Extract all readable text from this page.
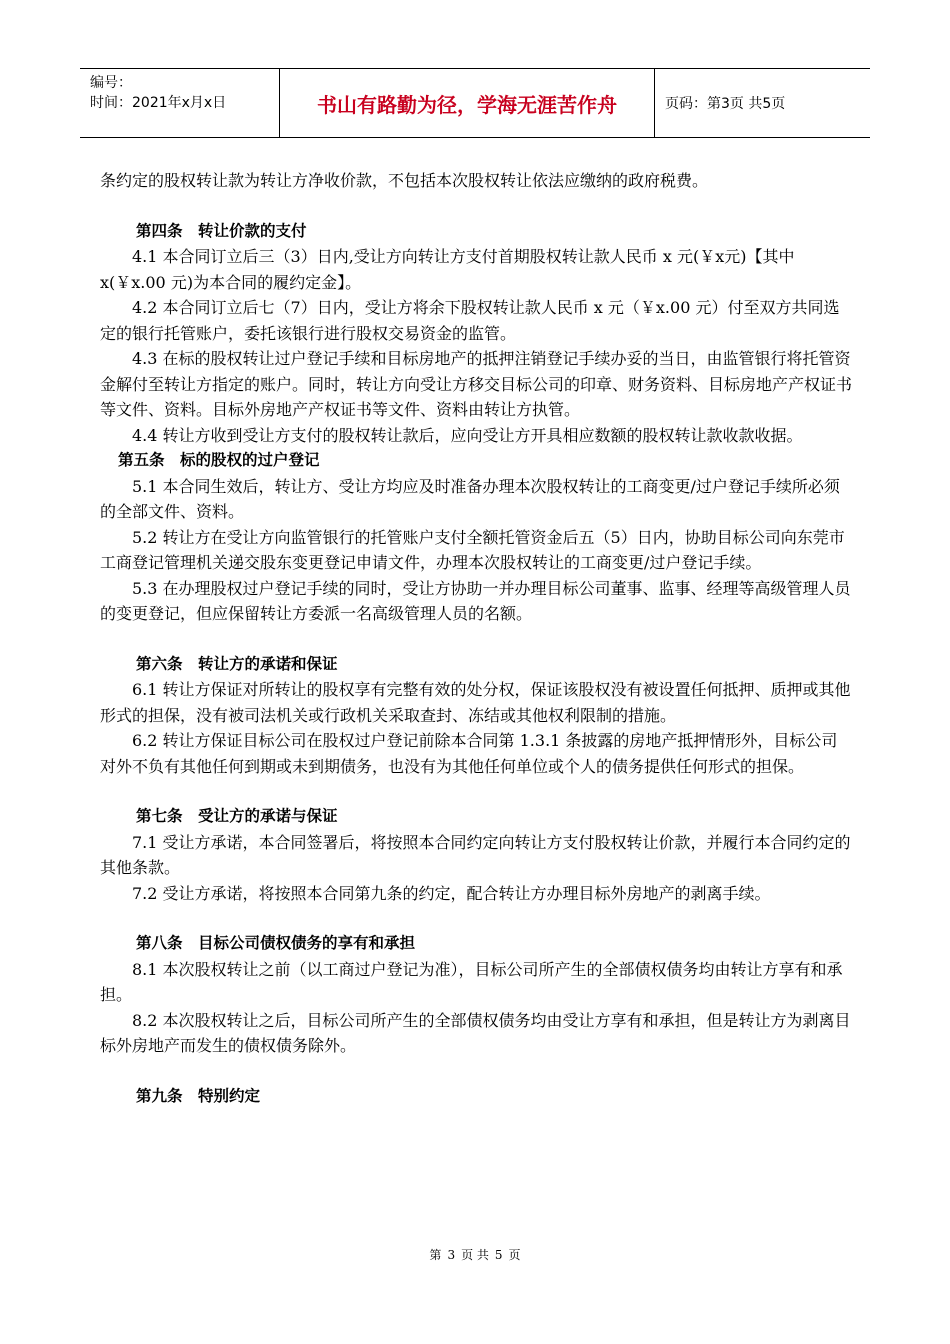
编号：
时间：2021年x月x日	书山有路勤为径，学海无涯苦作舟	页码：第3页 共5页

条约定的股权转让款为转让方净收价款，不包括本次股权转让依法应缴纳的政府税费。

第四条 转让价款的支付

4.1 本合同订立后三（3）日内,受让方向转让方支付首期股权转让款人民币 x 元(￥x元)【其中 x(￥x.00 元)为本合同的履约定金】。

4.2 本合同订立后七（7）日内，受让方将余下股权转让款人民币 x 元（￥x.00 元）付至双方共同选定的银行托管账户，委托该银行进行股权交易资金的监管。

4.3 在标的股权转让过户登记手续和目标房地产的抵押注销登记手续办妥的当日，由监管银行将托管资金解付至转让方指定的账户。同时，转让方向受让方移交目标公司的印章、财务资料、目标房地产产权证书等文件、资料。目标外房地产产权证书等文件、资料由转让方执管。

4.4 转让方收到受让方支付的股权转让款后，应向受让方开具相应数额的股权转让款收款收据。

第五条 标的股权的过户登记

5.1 本合同生效后，转让方、受让方均应及时准备办理本次股权转让的工商变更/过户登记手续所必须的全部文件、资料。

5.2 转让方在受让方向监管银行的托管账户支付全额托管资金后五（5）日内，协助目标公司向东莞市工商登记管理机关递交股东变更登记申请文件，办理本次股权转让的工商变更/过户登记手续。

5.3 在办理股权过户登记手续的同时，受让方协助一并办理目标公司董事、监事、经理等高级管理人员的变更登记，但应保留转让方委派一名高级管理人员的名额。

第六条 转让方的承诺和保证

6.1 转让方保证对所转让的股权享有完整有效的处分权，保证该股权没有被设置任何抵押、质押或其他形式的担保，没有被司法机关或行政机关采取查封、冻结或其他权利限制的措施。

6.2 转让方保证目标公司在股权过户登记前除本合同第 1.3.1 条披露的房地产抵押情形外，目标公司对外不负有其他任何到期或未到期债务，也没有为其他任何单位或个人的债务提供任何形式的担保。

第七条 受让方的承诺与保证

7.1 受让方承诺，本合同签署后，将按照本合同约定向转让方支付股权转让价款，并履行本合同约定的其他条款。

7.2 受让方承诺，将按照本合同第九条的约定，配合转让方办理目标外房地产的剥离手续。

第八条 目标公司债权债务的享有和承担

8.1 本次股权转让之前（以工商过户登记为准），目标公司所产生的全部债权债务均由转让方享有和承担。

8.2 本次股权转让之后，目标公司所产生的全部债权债务均由受让方享有和承担，但是转让方为剥离目标外房地产而发生的债权债务除外。

第九条 特别约定

第 3 页 共 5 页
